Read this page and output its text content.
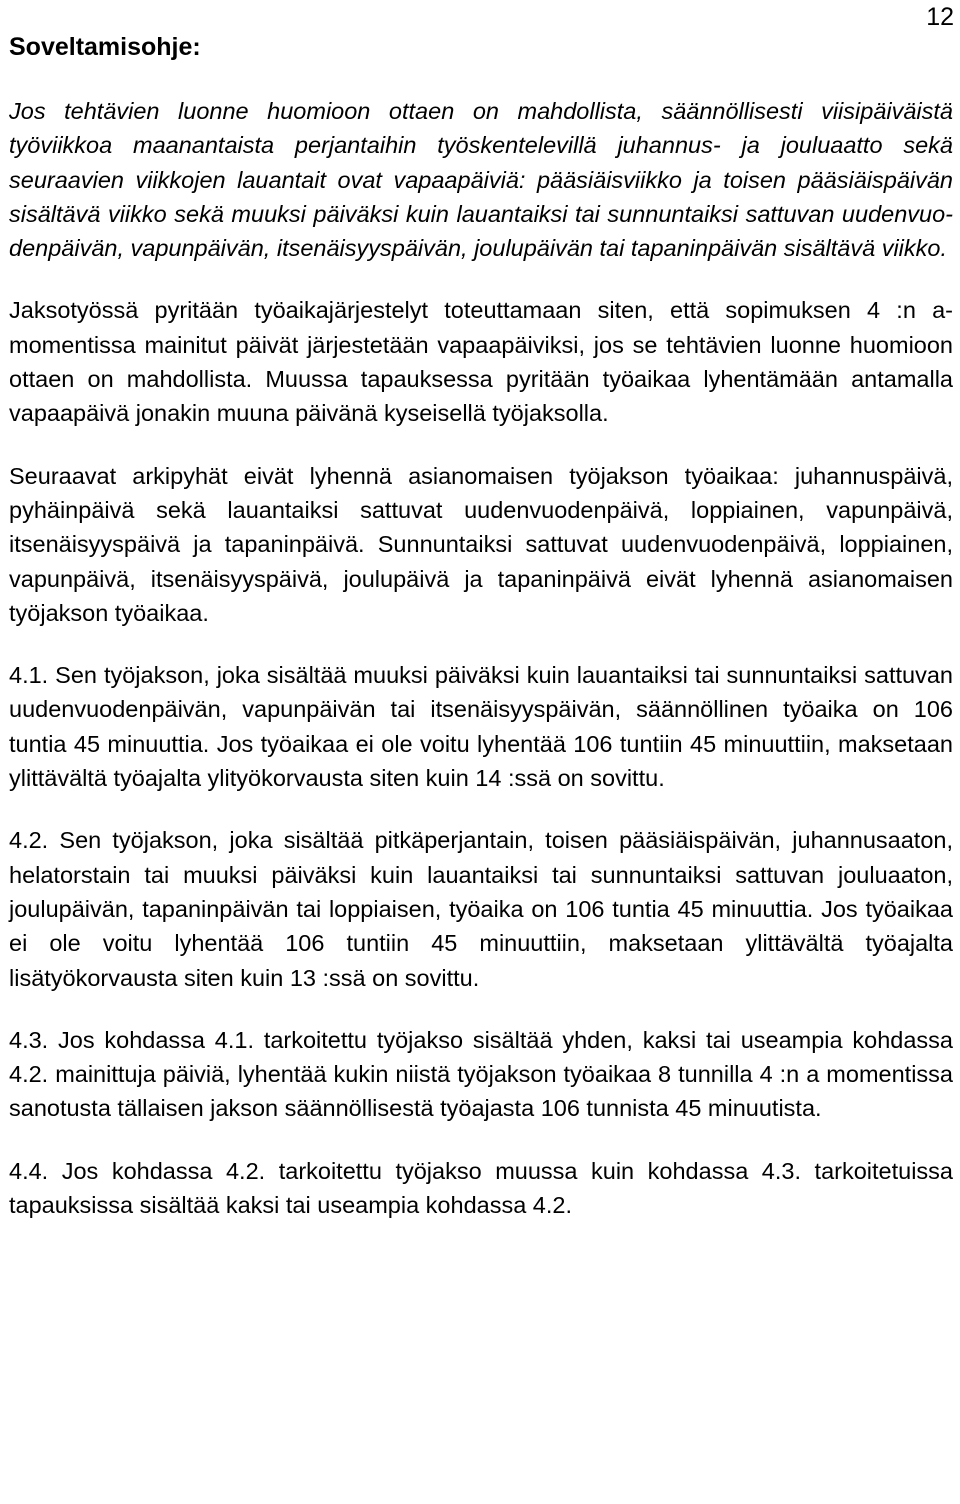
12
Soveltamisohje:

Jos tehtävien luonne huomioon ottaen on mahdollista, säännöllisesti viisipäiväistä työviikkoa maanantaista perjantaihin työskentelevillä juhannus- ja jouluaatto sekä seuraavien viikkojen lauantait ovat vapaapäiviä: pääsiäisviikko ja toisen pääsiäispäivän sisältävä viikko sekä muuksi päiväksi kuin lauantaiksi tai sunnuntaiksi sattuvan uudenvuodenpäivän, vapunpäivän, itsenäisyyspäivän, joulupäivän tai tapaninpäivän sisältävä viikko.

Jaksotyössä pyritään työaikajärjestelyt toteuttamaan siten, että sopimuksen 4 :n a- momentissa mainitut päivät järjestetään vapaapäiviksi, jos se tehtävien luonne huomioon ottaen on mahdollista. Muussa tapauksessa pyritään työaikaa lyhentämään antamalla vapaapäivä jonakin muuna päivänä kyseisellä työjaksolla.

Seuraavat arkipyhät eivät lyhennä asianomaisen työjakson työaikaa: juhannuspäivä, pyhäinpäivä sekä lauantaiksi sattuvat uudenvuodenpäivä, loppiainen, vapunpäivä, itsenäisyyspäivä ja tapaninpäivä. Sunnuntaiksi sattuvat uudenvuodenpäivä, loppiainen, vapunpäivä, itsenäisyyspäivä, joulupäivä ja tapaninpäivä eivät lyhennä asianomaisen työjakson työaikaa.

4.1. Sen työjakson, joka sisältää muuksi päiväksi kuin lauantaiksi tai sunnuntaiksi sattuvan uudenvuodenpäivän, vapunpäivän tai itsenäisyyspäivän, säännöllinen työaika on 106 tuntia 45 minuuttia. Jos työaikaa ei ole voitu lyhentää 106 tuntiin 45 minuuttiin, maksetaan ylittävältä työajalta ylityökorvausta siten kuin 14 :ssä on sovittu.

4.2. Sen työjakson, joka sisältää pitkäperjantain, toisen pääsiäispäivän, juhannusaaton, helatorstain tai muuksi päiväksi kuin lauantaiksi tai sunnuntaiksi sattuvan jouluaaton, joulupäivän, tapaninpäivän tai loppiaisen, työaika on 106 tuntia 45 minuuttia. Jos työaikaa ei ole voitu lyhentää 106 tuntiin 45 minuuttiin, maksetaan ylittävältä työajalta lisätyökorvausta siten kuin 13 :ssä on sovittu.

4.3. Jos kohdassa 4.1. tarkoitettu työjakso sisältää yhden, kaksi tai useampia kohdassa 4.2. mainittuja päiviä, lyhentää kukin niistä työjakson työaikaa 8 tunnilla 4 :n a momentissa sanotusta tällaisen jakson säännöllisestä työajasta 106 tunnista 45 minuutista.

4.4. Jos kohdassa 4.2. tarkoitettu työjakso muussa kuin kohdassa 4.3. tarkoitetuissa tapauksissa sisältää kaksi tai useampia kohdassa 4.2.
